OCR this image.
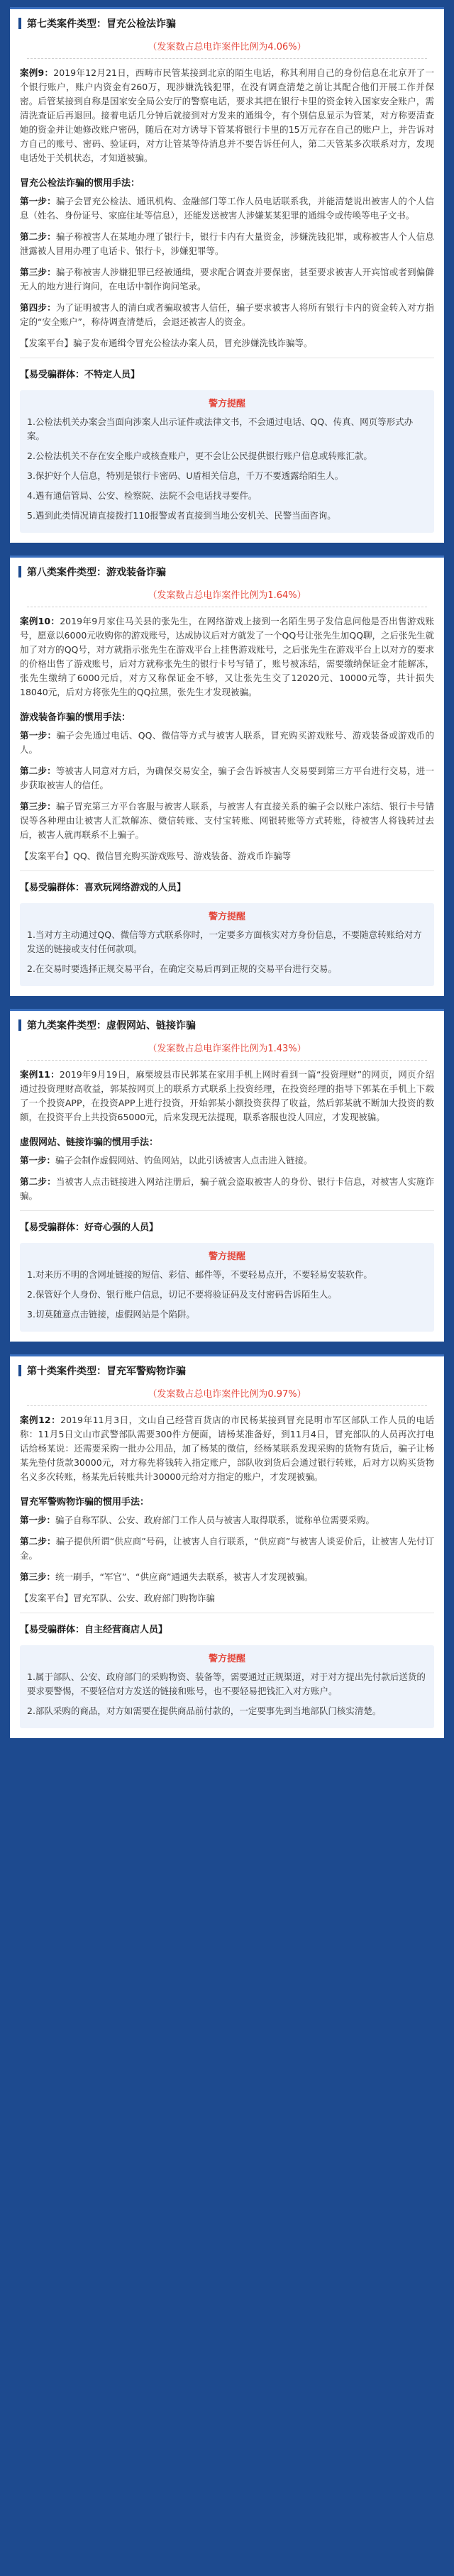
第七类案件类型：冒充公检法诈骗
（发案数占总电诈案件比例为4.06%）
案例9：2019年12月21日，西畴市民管某接到北京的陌生电话，称其利用自己的身份信息在北京开了一个银行账户，账户内资金有260万，现涉嫌洗钱犯罪，在没有调查清楚之前让其配合他们开展工作并保密。后管某接到自称是国家安全局公安厅的警察电话，要求其把在银行卡里的资金转入国家安全账户，需清洗查证后再退回。接着电话几分钟后就接到对方发来的通缉令，有个别信息显示为管某，对方称要清查她的资金并让她修改账户密码，随后在对方诱导下管某将银行卡里的15万元存在自己的账户上，并告诉对方自己的账号、密码、验证码，对方让管某等待消息并不要告诉任何人，第二天管某多次联系对方，发现电话处于关机状态，才知道被骗。
冒充公检法诈骗的惯用手法：
第一步：骗子会冒充公检法、通讯机构、金融部门等工作人员电话联系我，并能清楚说出被害人的个人信息（姓名、身份证号、家庭住址等信息），还能发送被害人涉嫌某某犯罪的通缉令或传唤等电子文书。
第二步：骗子称被害人在某地办理了银行卡，银行卡内有大量资金，涉嫌洗钱犯罪，或称被害人个人信息泄露被人冒用办理了电话卡、银行卡，涉嫌犯罪等。
第三步：骗子称被害人涉嫌犯罪已经被通缉，要求配合调查并要保密，甚至要求被害人开宾馆或者到偏僻无人的地方进行询问，在电话中制作询问笔录。
第四步：为了证明被害人的清白或者骗取被害人信任，骗子要求被害人将所有银行卡内的资金转入对方指定的“安全账户”，称待调查清楚后，会退还被害人的资金。
【发案平台】骗子发布通缉令冒充公检法办案人员，冒充涉嫌洗钱诈骗等。
【易受骗群体：不特定人员】
警方提醒
1.公检法机关办案会当面向涉案人出示证件或法律文书，不会通过电话、QQ、传真、网页等形式办案。
2.公检法机关不存在安全账户或核查账户，更不会让公民提供银行账户信息或转账汇款。
3.保护好个人信息，特别是银行卡密码、U盾相关信息，千万不要透露给陌生人。
4.遇有通信管局、公安、检察院、法院不会电话找寻要件。
5.遇到此类情况请直接拨打110报警或者直接到当地公安机关、民警当面咨询。
第八类案件类型：游戏装备诈骗
（发案数占总电诈案件比例为1.64%）
案例10：2019年9月家住马关县的张先生，在网络游戏上接到一名陌生男子发信息问他是否出售游戏账号，愿意以6000元收购你的游戏账号，达成协议后对方就发了一个QQ号让张先生加QQ聊，之后张先生就加了对方的QQ号，对方就指示张先生在游戏平台上挂售游戏账号，之后张先生在游戏平台上以对方的要求的价格出售了游戏账号，后对方就称张先生的银行卡号写错了，账号被冻结，需要缴纳保证金才能解冻，张先生缴纳了6000元后，对方又称保证金不够，又让张先生交了12020元、10000元等，共计损失18040元，后对方将张先生的QQ拉黑，张先生才发现被骗。
游戏装备诈骗的惯用手法：
第一步：骗子会先通过电话、QQ、微信等方式与被害人联系，冒充购买游戏账号、游戏装备或游戏币的人。
第二步：等被害人同意对方后，为确保交易安全，骗子会告诉被害人交易要到第三方平台进行交易，进一步获取被害人的信任。
第三步：骗子冒充第三方平台客服与被害人联系，与被害人有直接关系的骗子会以账户冻结、银行卡号错误等各种理由让被害人汇款解冻、微信转账、支付宝转账、网银转账等方式转账，待被害人将钱转过去后，被害人就再联系不上骗子。
【发案平台】QQ、微信冒充购买游戏账号、游戏装备、游戏币诈骗等
【易受骗群体：喜欢玩网络游戏的人员】
警方提醒
1.当对方主动通过QQ、微信等方式联系你时，一定要多方面核实对方身份信息，不要随意转账给对方发送的链接或支付任何款项。
2.在交易时要选择正规交易平台，在确定交易后再到正规的交易平台进行交易。
第九类案件类型：虚假网站、链接诈骗
（发案数占总电诈案件比例为1.43%）
案例11：2019年9月19日，麻栗坡县市民郭某在家用手机上网时看到一篇“投资理财”的网页，网页介绍通过投资理财高收益，郭某按网页上的联系方式联系上投资经理，在投资经理的指导下郭某在手机上下载了一个投资APP，在投资APP上进行投资，开始郭某小额投资获得了收益，然后郭某就不断加大投资的数额，在投资平台上共投资65000元，后来发现无法提现，联系客服也没人回应，才发现被骗。
虚假网站、链接诈骗的惯用手法：
第一步：骗子会制作虚假网站、钓鱼网站，以此引诱被害人点击进入链接。
第二步：当被害人点击链接进入网站注册后，骗子就会盗取被害人的身份、银行卡信息，对被害人实施诈骗。
【易受骗群体：好奇心强的人员】
警方提醒
1.对来历不明的含网址链接的短信、彩信、邮件等，不要轻易点开，不要轻易安装软件。
2.保管好个人身份、银行账户信息，切记不要将验证码及支付密码告诉陌生人。
3.切莫随意点击链接，虚假网站是个陷阱。
第十类案件类型：冒充军警购物诈骗
（发案数占总电诈案件比例为0.97%）
案例12：2019年11月3日，文山自己经营百货店的市民杨某接到冒充昆明市军区部队工作人员的电话称：11月5日文山市武警部队需要300件方便面，请杨某准备好，到11月4日，冒充部队的人员再次打电话给杨某说：还需要采购一批办公用品，加了杨某的微信，经杨某联系发现采购的货物有货后，骗子让杨某先垫付货款30000元，对方称先将钱转入指定账户，部队收到货后会通过银行转账，后对方以购买货物名义多次转账，杨某先后转账共计30000元给对方指定的账户，才发现被骗。
冒充军警购物诈骗的惯用手法：
第一步：骗子自称军队、公安、政府部门工作人员与被害人取得联系，谎称单位需要采购。
第二步：骗子提供所谓“供应商”号码，让被害人自行联系，“供应商”与被害人谈妥价后，让被害人先付订金。
第三步：统一刷手，“军官”、“供应商”通通失去联系，被害人才发现被骗。
【发案平台】冒充军队、公安、政府部门购物诈骗
【易受骗群体：自主经营商店人员】
警方提醒
1.属于部队、公安、政府部门的采购物资、装备等，需要通过正规渠道，对于对方提出先付款后送货的要求要警惕，不要轻信对方发送的链接和账号，也不要轻易把钱汇入对方账户。
2.部队采购的商品，对方如需要在提供商品前付款的，一定要事先到当地部队门核实清楚。
